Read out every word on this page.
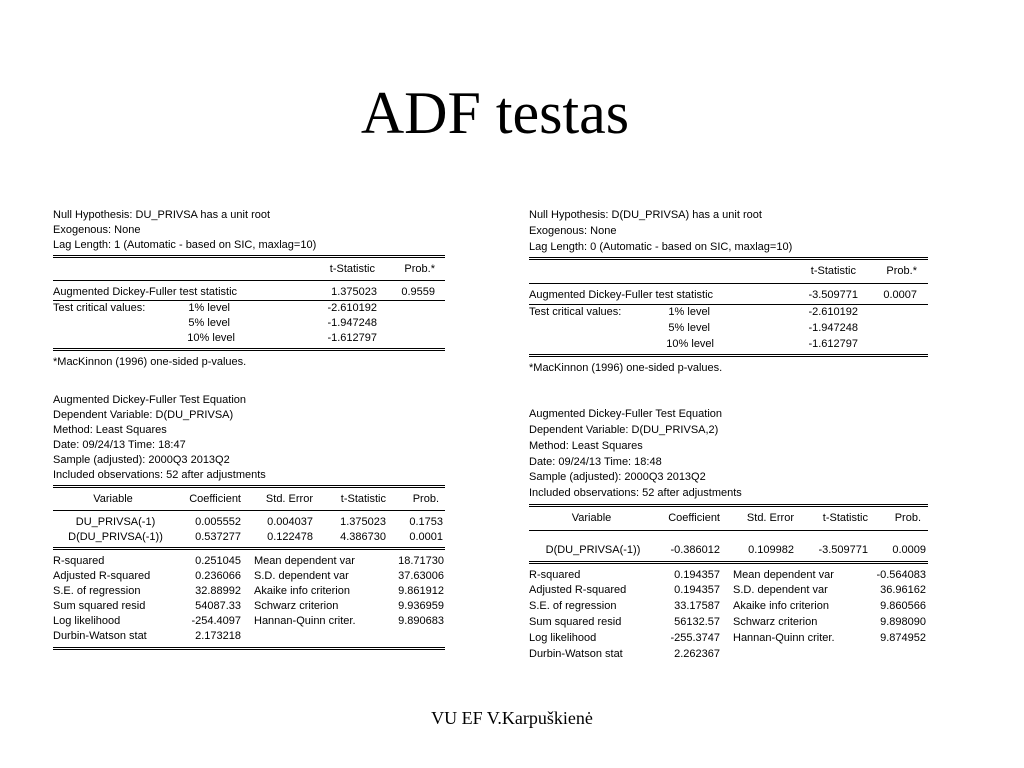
ADF testas
Null Hypothesis: DU_PRIVSA has a unit root
Exogenous: None
Lag Length: 1 (Automatic - based on SIC, maxlag=10)
t-Statistic	Prob.*
Augmented Dickey-Fuller test statistic	1.375023 0.9559
Test critical values:	1% level	-2.610192
5% level	-1.947248
10% level	-1.612797
*MacKinnon (1996) one-sided p-values.
Augmented Dickey-Fuller Test Equation
Dependent Variable: D(DU_PRIVSA)
Method: Least Squares
Date: 09/24/13 Time: 18:47
Sample (adjusted): 2000Q3 2013Q2
Included observations: 52 after adjustments
Variable	Coefficient Std. Error	t-Statistic Prob.
DU_PRIVSA(-1)	0.005552 0.004037 1.375023 0.1753
D(DU_PRIVSA(-1))	0.537277 0.122478 4.386730 0.0001
R-squared	0.251045 Mean dependent var	18.71730
Adjusted R-squared	0.236066 S.D. dependent var	37.63006
S.E. of regression	32.88992 Akaike info criterion	9.861912
Sum squared resid	54087.33 Schwarz criterion	9.936959
Log likelihood	-254.4097 Hannan-Quinn criter.	9.890683
Durbin-Watson stat	2.173218
Null Hypothesis: D(DU_PRIVSA) has a unit root
Exogenous: None
Lag Length: 0 (Automatic - based on SIC, maxlag=10)
t-Statistic	Prob.*
Augmented Dickey-Fuller test statistic	-3.509771 0.0007
Test critical values:	1% level	-2.610192
5% level	-1.947248
10% level	-1.612797
*MacKinnon (1996) one-sided p-values.
Augmented Dickey-Fuller Test Equation
Dependent Variable: D(DU_PRIVSA,2)
Method: Least Squares
Date: 09/24/13 Time: 18:48
Sample (adjusted): 2000Q3 2013Q2
Included observations: 52 after adjustments
Variable	Coefficient Std. Error	t-Statistic Prob.
D(DU_PRIVSA(-1))	-0.386012	0.109982 -3.509771 0.0009
R-squared	0.194357 Mean dependent var	-0.564083
Adjusted R-squared	0.194357 S.D. dependent var	36.96162
S.E. of regression	33.17587 Akaike info criterion	9.860566
Sum squared resid	56132.57 Schwarz criterion	9.898090
Log likelihood	-255.3747 Hannan-Quinn criter.	9.874952
Durbin-Watson stat	2.262367
VU EF V.Karpuškienė
